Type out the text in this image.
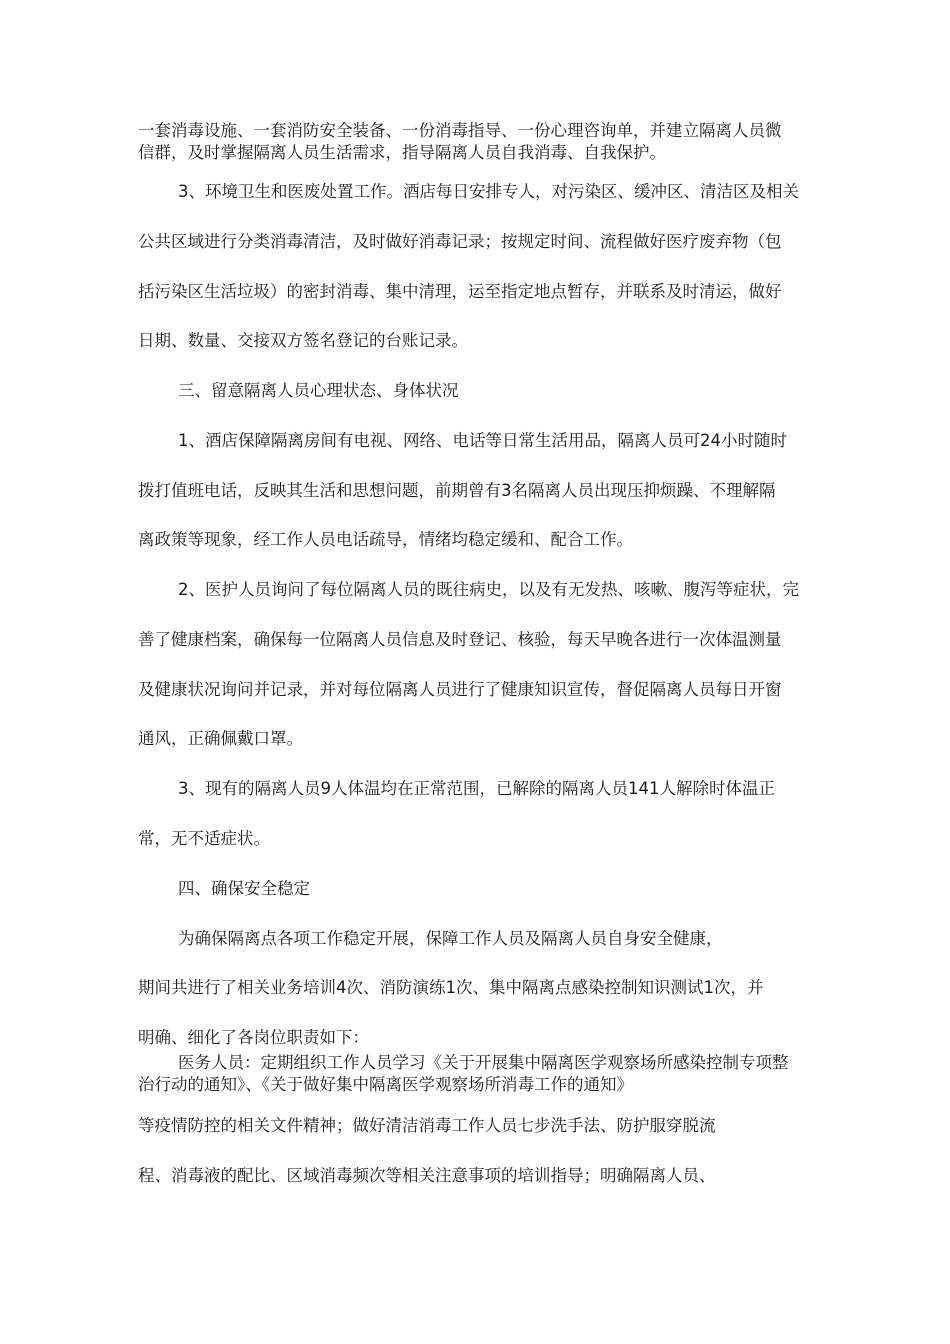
一套消毒设施、一套消防安全装备、一份消毒指导、一份心理咨询单，并建立隔离人员微
信群，及时掌握隔离人员生活需求，指导隔离人员自我消毒、自我保护。
3、环境卫生和医废处置工作。酒店每日安排专人，对污染区、缓冲区、清洁区及相关
公共区域进行分类消毒清洁，及时做好消毒记录；按规定时间、流程做好医疗废弃物（包
括污染区生活垃圾）的密封消毒、集中清理，运至指定地点暂存，并联系及时清运，做好
日期、数量、交接双方签名登记的台账记录。
三、留意隔离人员心理状态、身体状况
1、酒店保障隔离房间有电视、网络、电话等日常生活用品，隔离人员可24小时随时
拨打值班电话，反映其生活和思想问题，前期曾有3名隔离人员出现压抑烦躁、不理解隔
离政策等现象，经工作人员电话疏导，情绪均稳定缓和、配合工作。
2、医护人员询问了每位隔离人员的既往病史，以及有无发热、咳嗽、腹泻等症状，完
善了健康档案，确保每一位隔离人员信息及时登记、核验，每天早晚各进行一次体温测量
及健康状况询问并记录，并对每位隔离人员进行了健康知识宣传，督促隔离人员每日开窗
通风，正确佩戴口罩。
3、现有的隔离人员9人体温均在正常范围，已解除的隔离人员141人解除时体温正
常，无不适症状。
四、确保安全稳定
为确保隔离点各项工作稳定开展，保障工作人员及隔离人员自身安全健康，
期间共进行了相关业务培训4次、消防演练1次、集中隔离点感染控制知识测试1次，并
明确、细化了各岗位职责如下：
医务人员：定期组织工作人员学习《关于开展集中隔离医学观察场所感染控制专项整
治行动的通知》、《关于做好集中隔离医学观察场所消毒工作的通知》
等疫情防控的相关文件精神；做好清洁消毒工作人员七步洗手法、防护服穿脱流
程、消毒液的配比、区域消毒频次等相关注意事项的培训指导；明确隔离人员、
